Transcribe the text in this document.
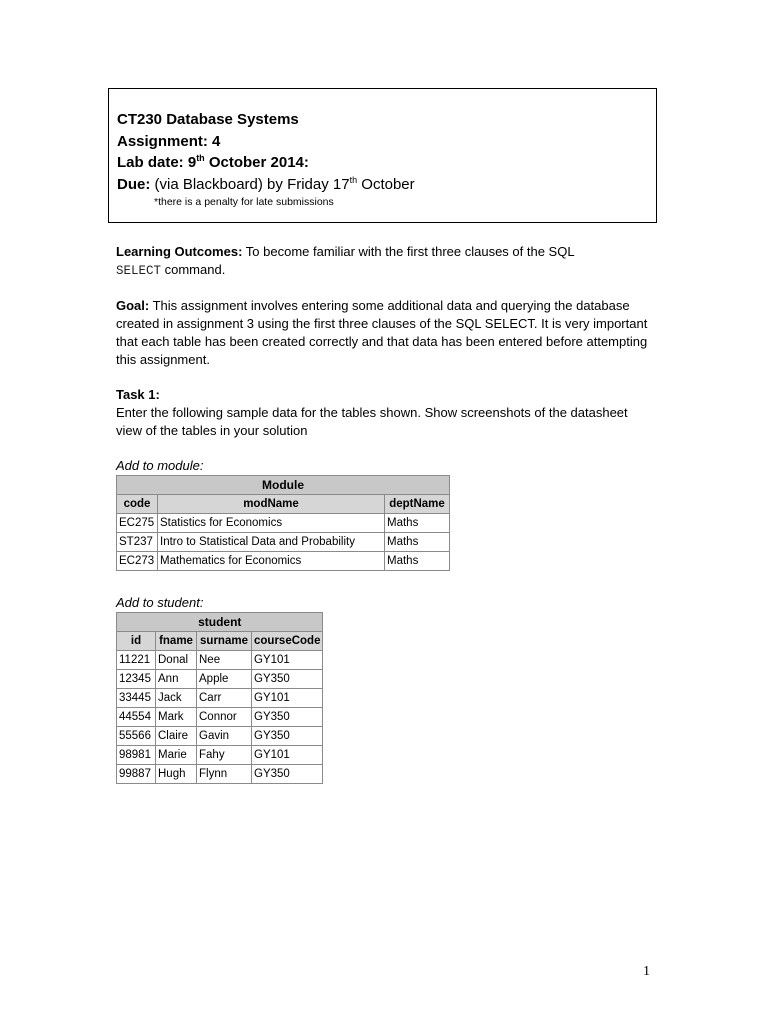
CT230 Database Systems
Assignment: 4
Lab date: 9th October 2014:
Due: (via Blackboard) by Friday 17th October
*there is a penalty for late submissions
Learning Outcomes: To become familiar with the first three clauses of the SQL
SELECT command.
Goal: This assignment involves entering some additional data and querying the database created in assignment 3 using the first three clauses of the SQL SELECT. It is very important that each table has been created correctly and that data has been entered before attempting this assignment.
Task 1:
Enter the following sample data for the tables shown. Show screenshots of the datasheet view of the tables in your solution
Add to module:
Module		
code	modName	deptName
EC275	Statistics for Economics	Maths
ST237	Intro to Statistical Data and Probability	Maths
EC273	Mathematics for Economics	Maths
Add to student:
student			
id	fname	surname	courseCode
11221	Donal	Nee	GY101
12345	Ann	Apple	GY350
33445	Jack	Carr	GY101
44554	Mark	Connor	GY350
55566	Claire	Gavin	GY350
98981	Marie	Fahy	GY101
99887	Hugh	Flynn	GY350
1
